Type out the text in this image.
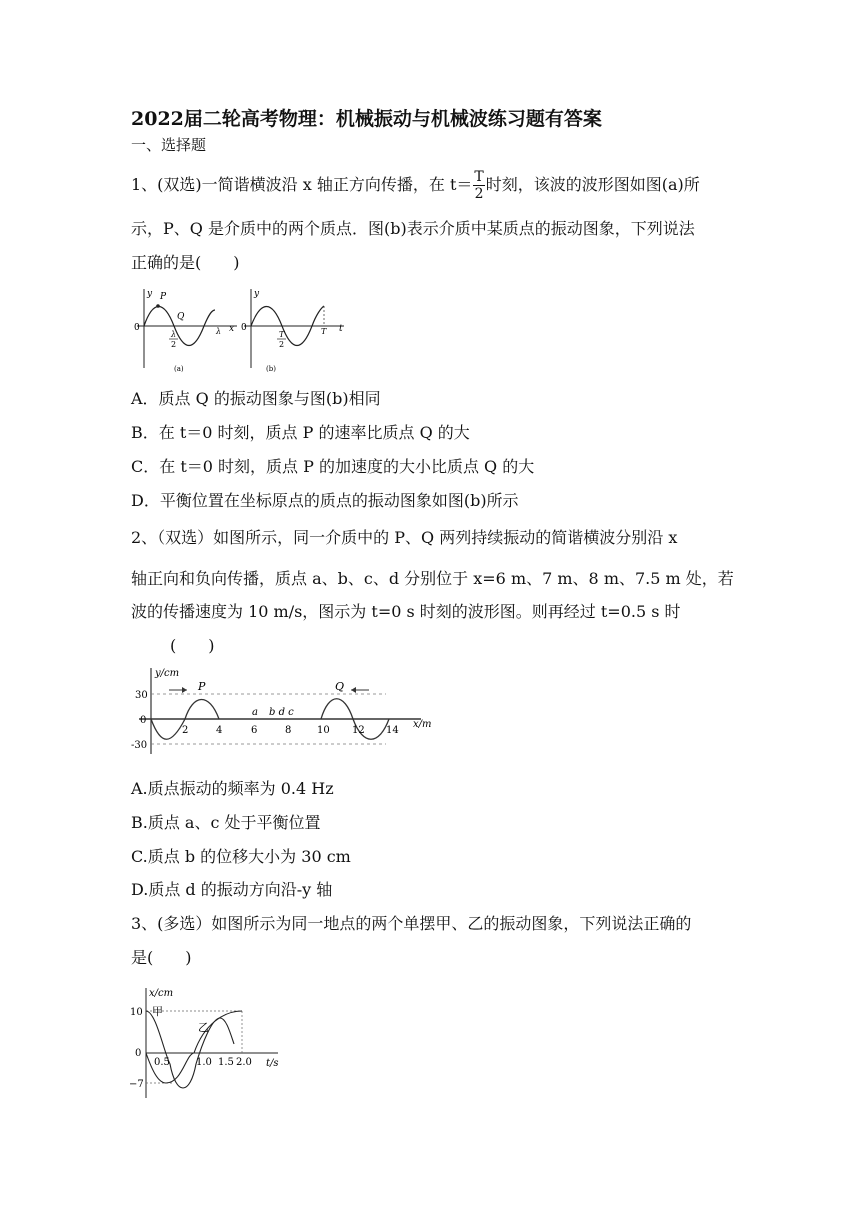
2022届二轮高考物理：机械振动与机械波练习题有答案
一、选择题
1、(双选)一简谐横波沿 x 轴正方向传播，在 $t= \frac{T}{2}$ 时刻，该波的波形图如图(a)所
示，P、Q 是介质中的两个质点．图(b)表示介质中某质点的振动图象，下列说法
正确的是(　　)
y P
Q
0
λ
2
λ x
(a)
y
0
T
2
T t
(b)
A．质点 Q 的振动图象与图(b)相同
B．在 t＝0 时刻，质点 P 的速率比质点 Q 的大
C．在 t＝0 时刻，质点 P 的加速度的大小比质点 Q 的大
D．平衡位置在坐标原点的质点的振动图象如图(b)所示
2、（双选）如图所示，同一介质中的 P、Q 两列持续振动的简谐横波分别沿 x
轴正向和负向传播，质点 a、b、c、d 分别位于 x=6 m、7 m、8 m、7.5 m 处，若
波的传播速度为 10 m/s，图示为 t=0 s 时刻的波形图。则再经过 t=0.5 s 时
(　　)
y/cm
x/m
30
0
-30
P	Q
a b d c
2	4	6	8	10 12 14
A.质点振动的频率为 0.4 Hz
B.质点 a、c 处于平衡位置
C.质点 b 的位移大小为 30 cm
D.质点 d 的振动方向沿-y 轴
3、(多选）如图所示为同一地点的两个单摆甲、乙的振动图象，下列说法正确的
是(　　)
x/cm
t/s
10
0
−7
甲
乙
0.5	1.0 1.5 2.0
